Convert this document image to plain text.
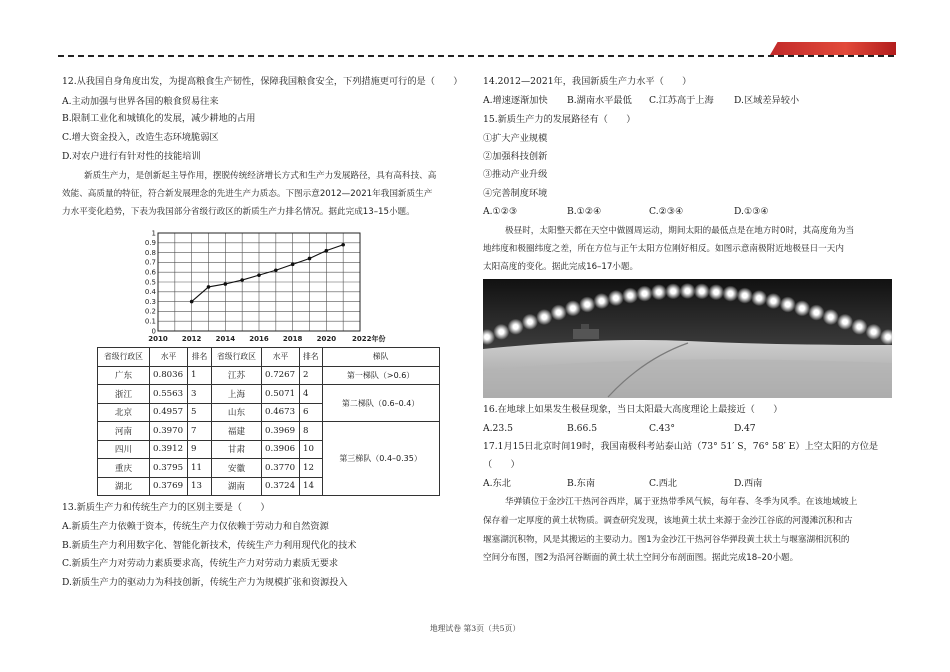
12.从我国自身角度出发，为提高粮食生产韧性，保障我国粮食安全，下列措施更可行的是（　　）
A.主动加强与世界各国的粮食贸易往来
B.限制工业化和城镇化的发展，减少耕地的占用
C.增大资金投入，改造生态环境脆弱区
D.对农户进行有针对性的技能培训
新质生产力，是创新起主导作用，摆脱传统经济增长方式和生产力发展路径，具有高科技、高
效能、高质量的特征，符合新发展理念的先进生产力质态。下图示意2012—2021年我国新质生产
力水平变化趋势，下表为我国部分省级行政区的新质生产力排名情况。据此完成13–15小题。
0
0.1
0.2
0.3
0.4
0.5
0.6
0.7
0.8
0.9
1
2010 2012 2014 2016 2018 2020 2022年份
省级行政区	水平	排名	省级行政区	水平	排名	梯队
广东	0.8036	1	江苏	0.7267	2	第一梯队（>0.6）
浙江	0.5563	3	上海	0.5071	4	第二梯队（0.6–0.4）
北京	0.4957	5	山东	0.4673	6	
河南	0.3970	7	福建	0.3969	8	第三梯队（0.4–0.35）
四川	0.3912	9	甘肃	0.3906	10	
重庆	0.3795	11	安徽	0.3770	12	
湖北	0.3769	13	湖南	0.3724	14	
13.新质生产力和传统生产力的区别主要是（　　）
A.新质生产力依赖于资本，传统生产力仅依赖于劳动力和自然资源
B.新质生产力利用数字化、智能化新技术，传统生产力利用现代化的技术
C.新质生产力对劳动力素质要求高，传统生产力对劳动力素质无要求
D.新质生产力的驱动力为科技创新，传统生产力为规模扩张和资源投入
14.2012—2021年，我国新质生产力水平（　　）
A.增速逐渐加快 B.湖南水平最低 C.江苏高于上海 D.区域差异较小
15.新质生产力的发展路径有（　　）
①扩大产业规模
②加强科技创新
③推动产业升级
④完善制度环境
A.①②③	B.①②④	C.②③④	D.①③④
极昼时，太阳整天都在天空中做圆周运动，期间太阳的最低点是在地方时0时，其高度角为当
地纬度和极圈纬度之差，所在方位与正午太阳方位刚好相反。如图示意南极附近地极昼日一天内
太阳高度的变化。据此完成16–17小题。
16.在地球上如果发生极昼现象，当日太阳最大高度理论上最接近（　　）
A.23.5	B.66.5	C.43°	D.47
17.1月15日北京时间19时，我国南极科考站泰山站（73° 51′ S，76° 58′ E）上空太阳的方位是
（　　）
A.东北	B.东南	C.西北	D.西南
华弹镇位于金沙江干热河谷西岸，属于亚热带季风气候，每年春、冬季为风季。在该地域坡上
保存着一定厚度的黄土状物质。调查研究发现，该地黄土状土来源于金沙江谷底的河漫滩沉积和古
堰塞湖沉积物，风是其搬运的主要动力。图1为金沙江干热河谷华弹段黄土状土与堰塞湖相沉积的
空间分布图，图2为沿河谷断面的黄土状土空间分布剖面图。据此完成18–20小题。
地理试卷 第3页（共5页）
